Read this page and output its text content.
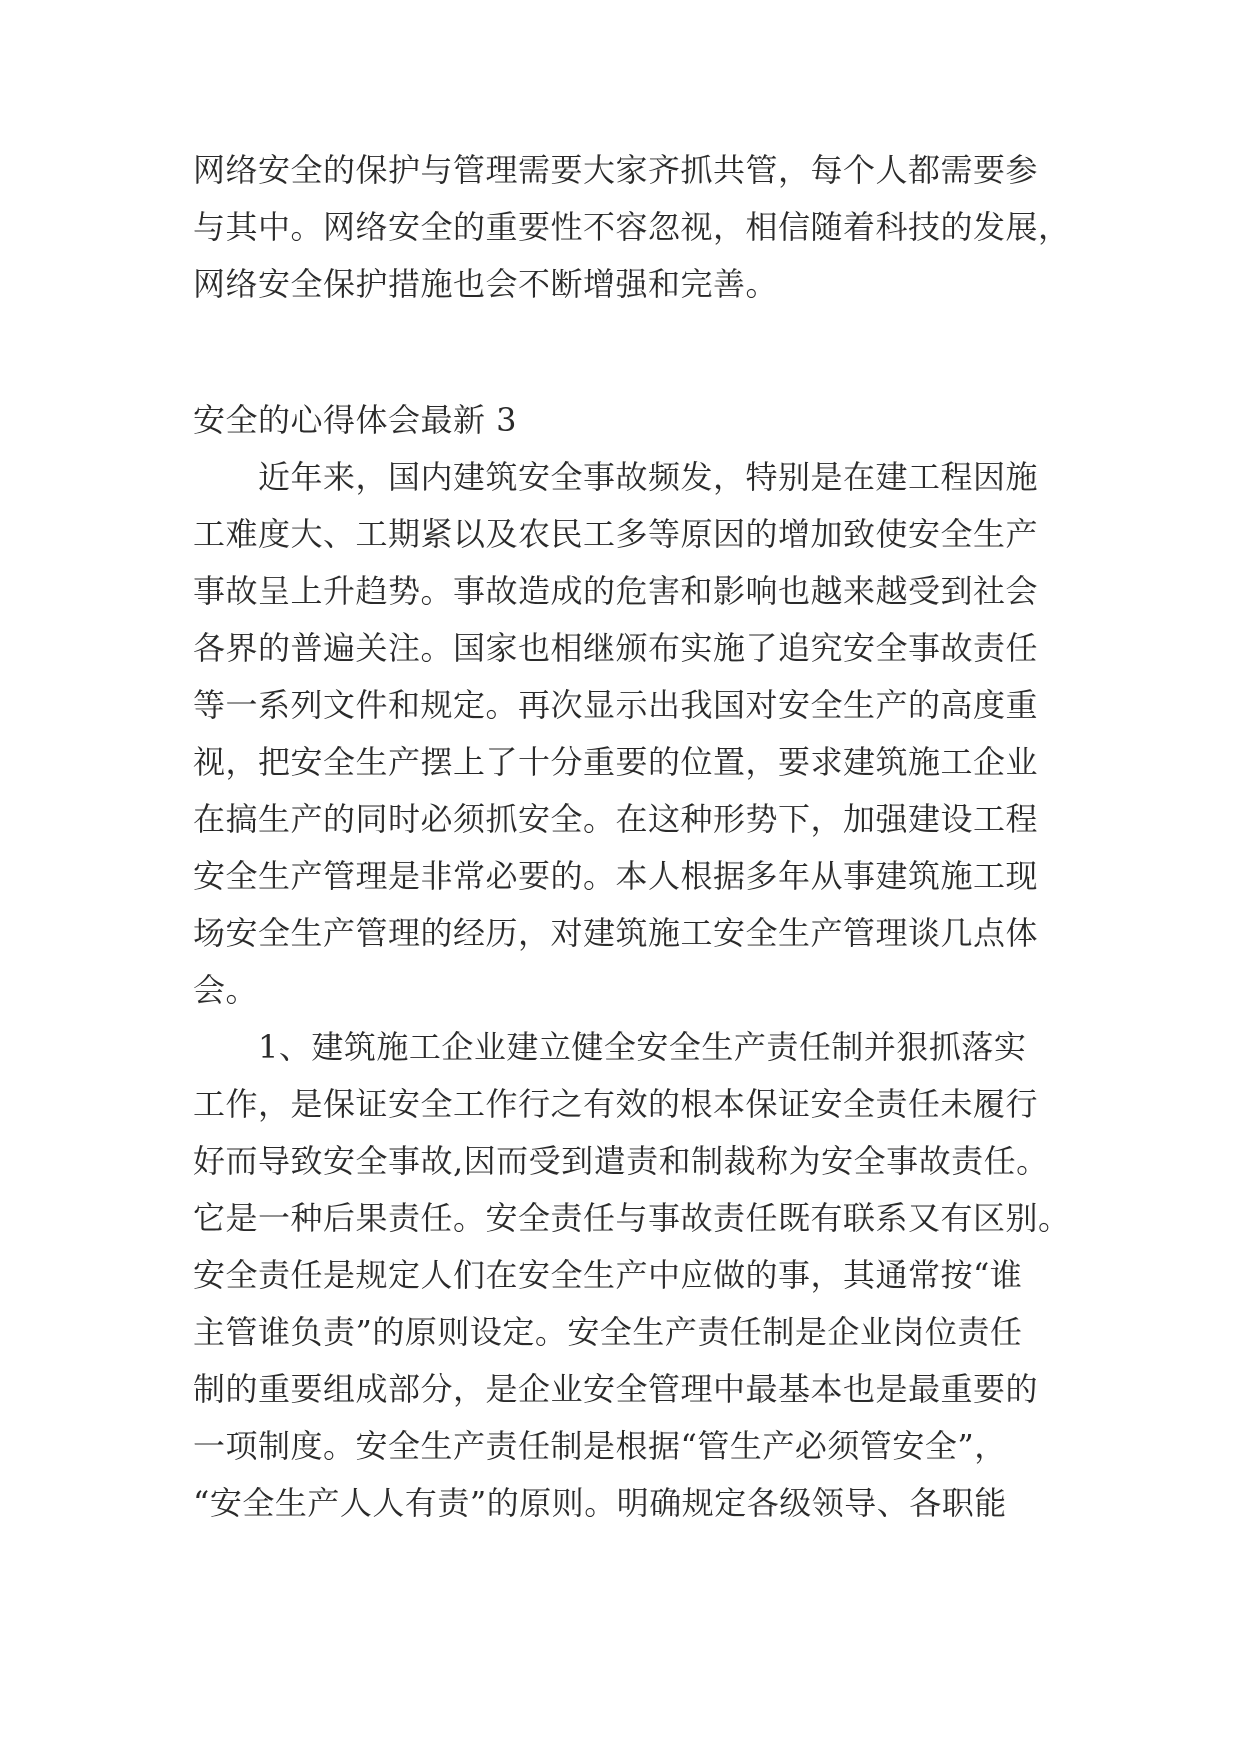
网络安全的保护与管理需要大家齐抓共管，每个人都需要参
与其中。网络安全的重要性不容忽视，相信随着科技的发展，
网络安全保护措施也会不断增强和完善。
安全的心得体会最新 3
近年来，国内建筑安全事故频发，特别是在建工程因施
工难度大、工期紧以及农民工多等原因的增加致使安全生产
事故呈上升趋势。事故造成的危害和影响也越来越受到社会
各界的普遍关注。国家也相继颁布实施了追究安全事故责任
等一系列文件和规定。再次显示出我国对安全生产的高度重
视，把安全生产摆上了十分重要的位置，要求建筑施工企业
在搞生产的同时必须抓安全。在这种形势下，加强建设工程
安全生产管理是非常必要的。本人根据多年从事建筑施工现
场安全生产管理的经历，对建筑施工安全生产管理谈几点体
会。
1、建筑施工企业建立健全安全生产责任制并狠抓落实
工作，是保证安全工作行之有效的根本保证安全责任未履行
好而导致安全事故,因而受到遣责和制裁称为安全事故责任。
它是一种后果责任。安全责任与事故责任既有联系又有区别。
安全责任是规定人们在安全生产中应做的事，其通常按“谁
主管谁负责”的原则设定。安全生产责任制是企业岗位责任
制的重要组成部分，是企业安全管理中最基本也是最重要的
一项制度。安全生产责任制是根据“管生产必须管安全”，
“安全生产人人有责”的原则。明确规定各级领导、各职能
